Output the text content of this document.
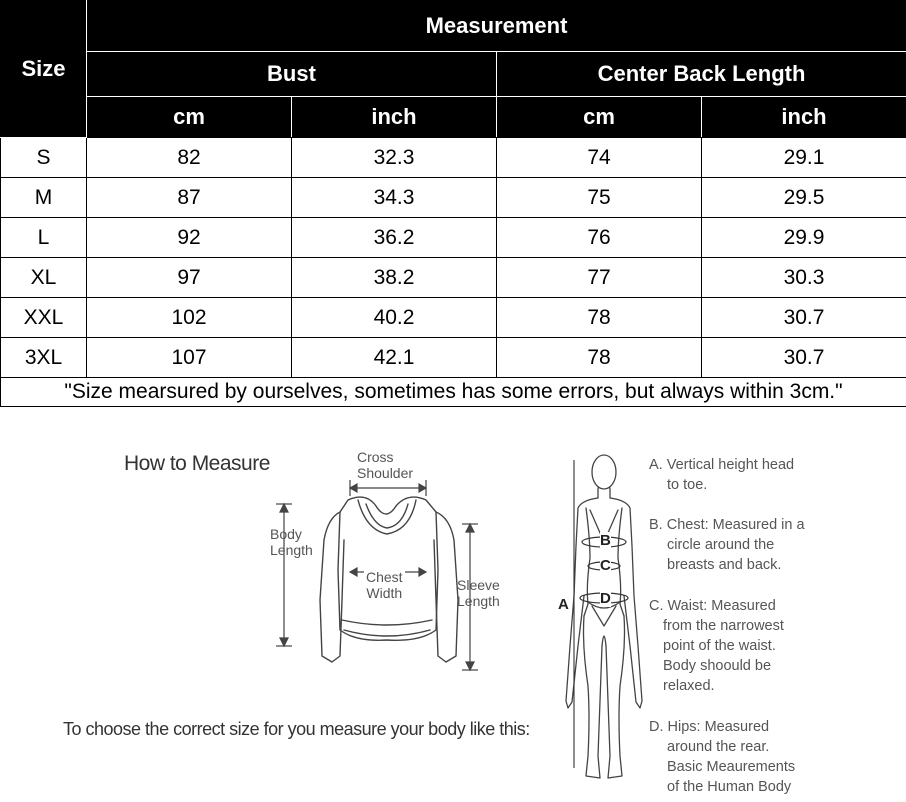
Size	Measurement			
	Bust		Center Back Length	
	cm	inch	cm	inch
S	82	32.3	74	29.1
M	87	34.3	75	29.5
L	92	36.2	76	29.9
XL	97	38.2	77	30.3
XXL	102	40.2	78	30.7
3XL	107	42.1	78	30.7
"Size mearsured by ourselves, sometimes has some errors, but always within 3cm."				
How to Measure	Cross
Shoulder
Body
Length
Chest
Width	Sleeve
Length
To choose the correct size for you measure your body like this:
A
B
C
D
A. Vertical height head
to toe.
B. Chest: Measured in a
circle around the
breasts and back.
C. Waist: Measured
from the narrowest
point of the waist.
Body shoould be
relaxed.
D. Hips: Measured
around the rear.
Basic Meaurements
of the Human Body
